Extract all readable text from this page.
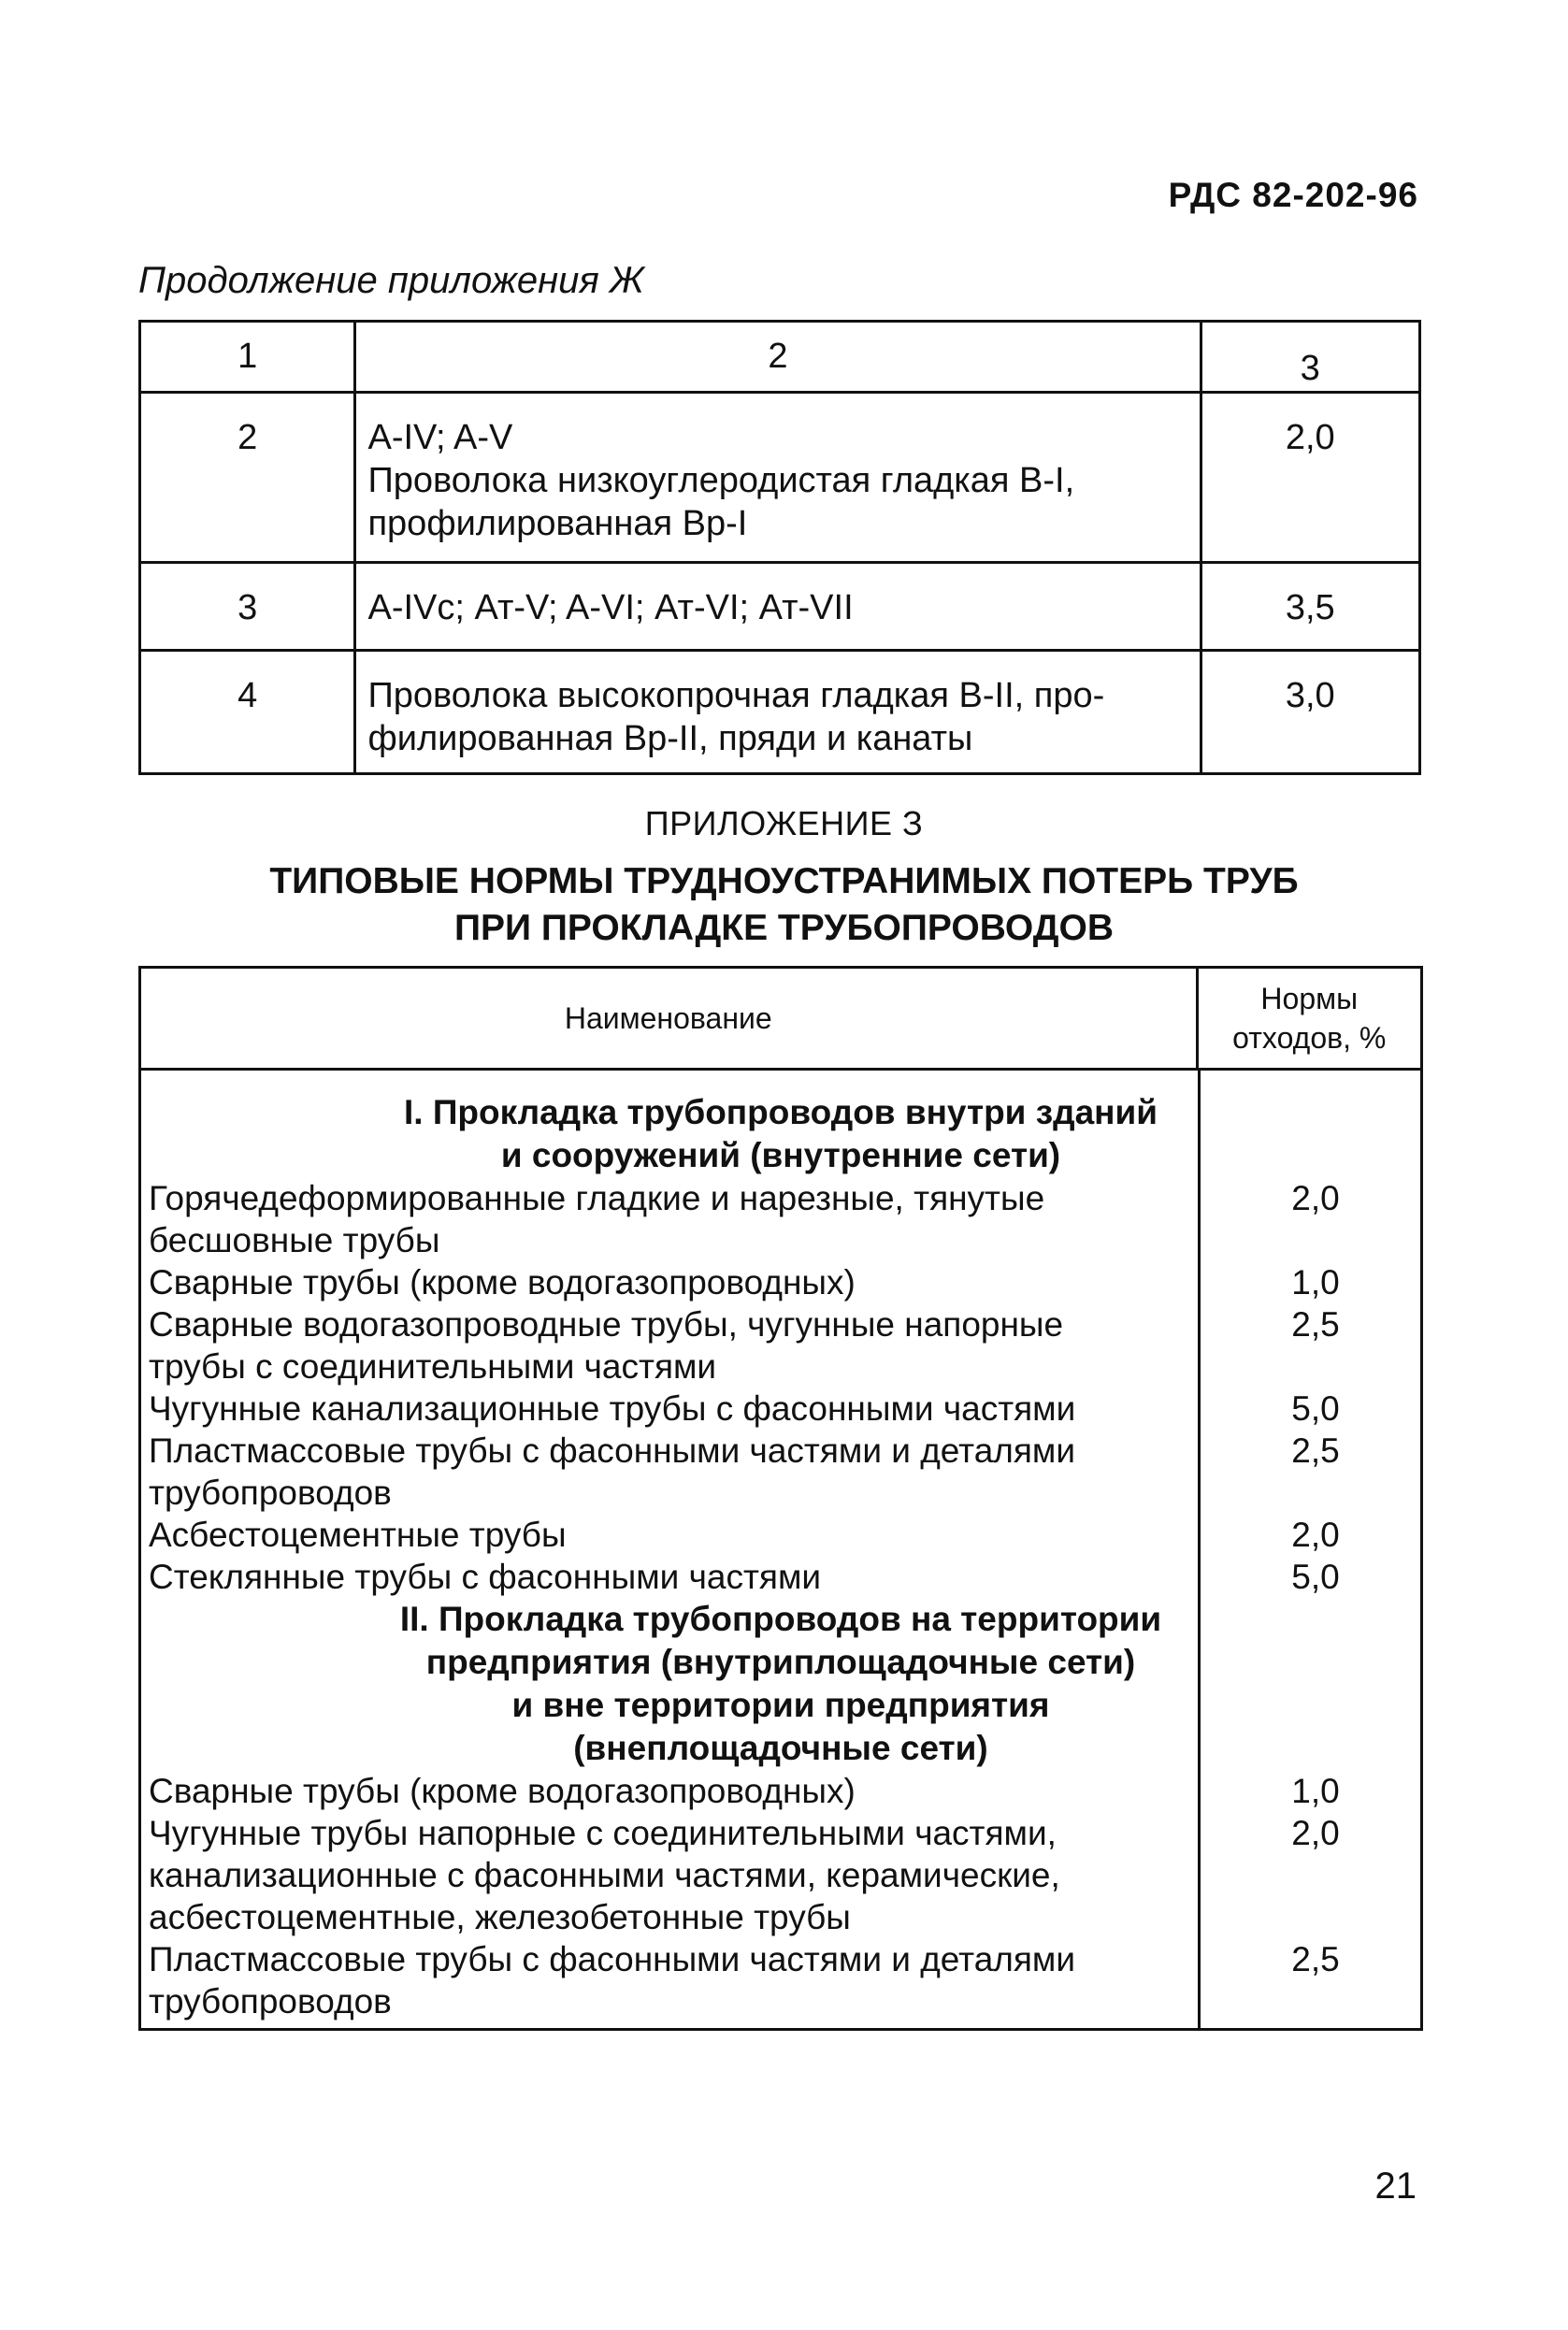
РДС 82-202-96
Продолжение приложения Ж
1	2	3
2	A-IV; A-V
Проволока низкоуглеродистая гладкая В-I,
профилированная Вр-I	2,0
3	A-IVc; Ат-V; A-VI; Ат-VI; Ат-VII	3,5
4	Проволока высокопрочная гладкая В-II, про-
филированная Вр-II, пряди и канаты	3,0
ПРИЛОЖЕНИЕ З
ТИПОВЫЕ НОРМЫ ТРУДНОУСТРАНИМЫХ ПОТЕРЬ ТРУБ
ПРИ ПРОКЛАДКЕ ТРУБОПРОВОДОВ
Наименование	
Нормы
отходов, %

I. Прокладка трубопроводов внутри зданий
и сооружений (внутренние сети)
Горячедеформированные гладкие и нарезные, тянутые
бесшовные трубы
2,0
Сварные трубы (кроме водогазопроводных)	1,0
Сварные водогазопроводные трубы, чугунные напорные
трубы с соединительными частями
2,5
Чугунные канализационные трубы с фасонными частями	5,0
Пластмассовые трубы с фасонными частями и деталями
трубопроводов
2,5
Асбестоцементные трубы	2,0
Стеклянные трубы с фасонными частями	5,0
II. Прокладка трубопроводов на территории
предприятия (внутриплощадочные сети)
и вне территории предприятия
(внеплощадочные сети)
Сварные трубы (кроме водогазопроводных)	1,0
Чугунные трубы напорные с соединительными частями,
канализационные с фасонными частями, керамические,
асбестоцементные, железобетонные трубы
2,0
Пластмассовые трубы с фасонными частями и деталями
трубопроводов
2,5
21
